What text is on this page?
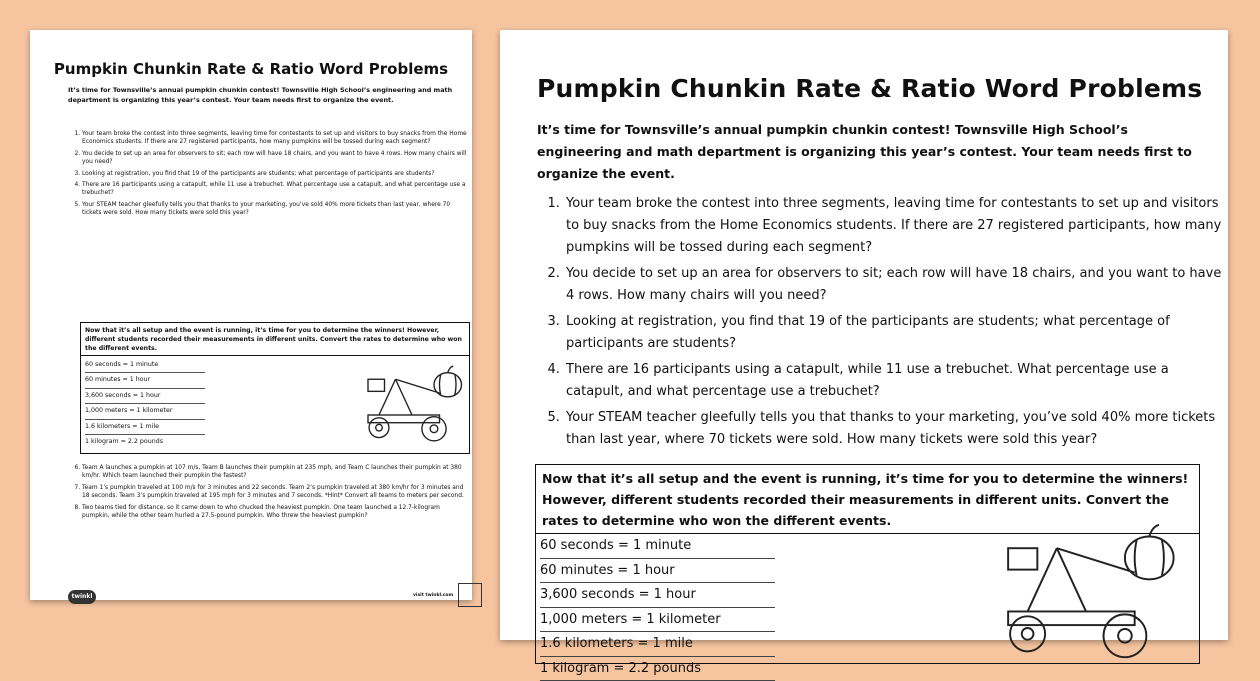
Pumpkin Chunkin Rate & Ratio Word Problems
It’s time for Townsville’s annual pumpkin chunkin contest! Townsville High School’s engineering and math department is organizing this year’s contest. Your team needs first to organize the event.
1. Your team broke the contest into three segments, leaving time for contestants to set up and visitors to buy snacks from the Home Economics students. If there are 27 registered participants, how many pumpkins will be tossed during each segment?
2. You decide to set up an area for observers to sit; each row will have 18 chairs, and you want to have 4 rows. How many chairs will you need?
3. Looking at registration, you find that 19 of the participants are students; what percentage of participants are students?
4. There are 16 participants using a catapult, while 11 use a trebuchet. What percentage use a catapult, and what percentage use a trebuchet?
5. Your STEAM teacher gleefully tells you that thanks to your marketing, you’ve sold 40% more tickets than last year, where 70 tickets were sold. How many tickets were sold this year?
Now that it’s all setup and the event is running, it’s time for you to determine the winners! However, different students recorded their measurements in different units. Convert the rates to determine who won the different events.
60 seconds = 1 minute
60 minutes = 1 hour
3,600 seconds = 1 hour
1,000 meters = 1 kilometer
1.6 kilometers = 1 mile
1 kilogram = 2.2 pounds
6. Team A launches a pumpkin at 107 m/s, Team B launches their pumpkin at 235 mph, and Team C launches their pumpkin at 380 km/hr. Which team launched their pumpkin the fastest?
7. Team 1’s pumpkin traveled at 100 m/s for 3 minutes and 22 seconds. Team 2’s pumpkin traveled at 380 km/hr for 3 minutes and 18 seconds. Team 3’s pumpkin traveled at 195 mph for 3 minutes and 7 seconds. *Hint* Convert all teams to meters per second.
8. Two teams tied for distance, so it came down to who chucked the heaviest pumpkin. One team launched a 12.7-kilogram pumpkin, while the other team hurled a 27.5-pound pumpkin. Who threw the heaviest pumpkin?
twinkl	visit twinkl.com
Pumpkin Chunkin Rate & Ratio Word Problems
It’s time for Townsville’s annual pumpkin chunkin contest! Townsville High School’s engineering and math department is organizing this year’s contest. Your team needs first to organize the event.
1. Your team broke the contest into three segments, leaving time for contestants to set up and visitors to buy snacks from the Home Economics students. If there are 27 registered participants, how many pumpkins will be tossed during each segment?
2. You decide to set up an area for observers to sit; each row will have 18 chairs, and you want to have 4 rows. How many chairs will you need?
3. Looking at registration, you find that 19 of the participants are students; what percentage of participants are students?
4. There are 16 participants using a catapult, while 11 use a trebuchet. What percentage use a catapult, and what percentage use a trebuchet?
5. Your STEAM teacher gleefully tells you that thanks to your marketing, you’ve sold 40% more tickets than last year, where 70 tickets were sold. How many tickets were sold this year?
Now that it’s all setup and the event is running, it’s time for you to determine the winners! However, different students recorded their measurements in different units. Convert the rates to determine who won the different events.
60 seconds = 1 minute
60 minutes = 1 hour
3,600 seconds = 1 hour
1,000 meters = 1 kilometer
1.6 kilometers = 1 mile
1 kilogram = 2.2 pounds
